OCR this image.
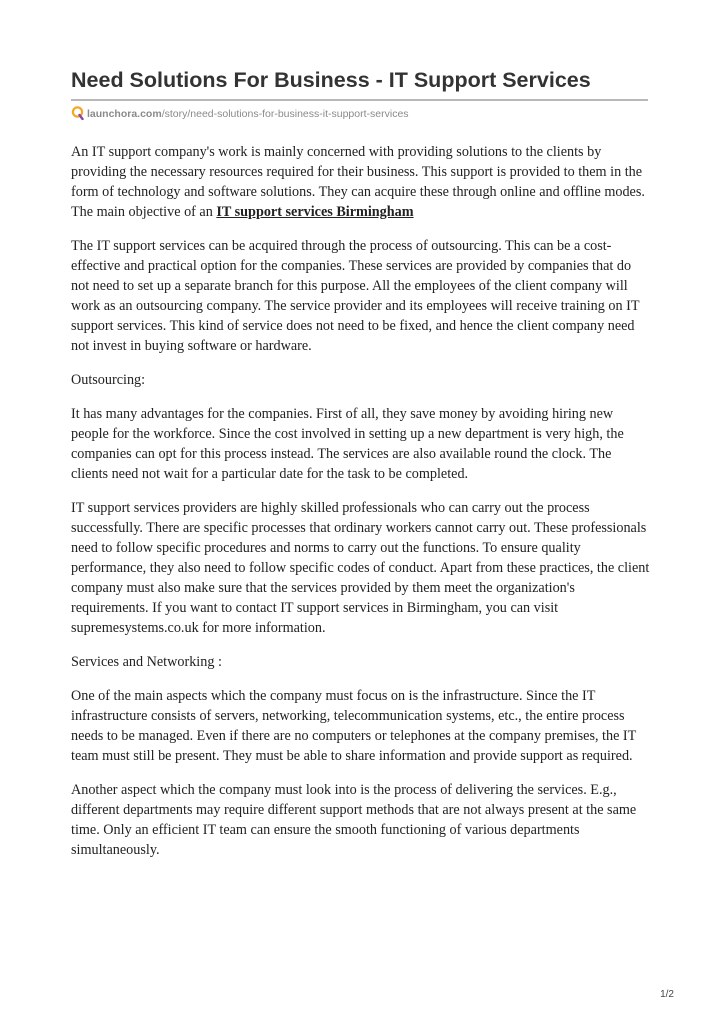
Need Solutions For Business - IT Support Services
launchora.com/story/need-solutions-for-business-it-support-services

An IT support company's work is mainly concerned with providing solutions to the clients by providing the necessary resources required for their business. This support is provided to them in the form of technology and software solutions. They can acquire these through online and offline modes. The main objective of an IT support services Birmingham

The IT support services can be acquired through the process of outsourcing. This can be a cost-effective and practical option for the companies. These services are provided by companies that do not need to set up a separate branch for this purpose. All the employees of the client company will work as an outsourcing company. The service provider and its employees will receive training on IT support services. This kind of service does not need to be fixed, and hence the client company need not invest in buying software or hardware.

Outsourcing:

It has many advantages for the companies. First of all, they save money by avoiding hiring new people for the workforce. Since the cost involved in setting up a new department is very high, the companies can opt for this process instead. The services are also available round the clock. The clients need not wait for a particular date for the task to be completed.

IT support services providers are highly skilled professionals who can carry out the process successfully. There are specific processes that ordinary workers cannot carry out. These professionals need to follow specific procedures and norms to carry out the functions. To ensure quality performance, they also need to follow specific codes of conduct. Apart from these practices, the client company must also make sure that the services provided by them meet the organization's requirements. If you want to contact IT support services in Birmingham, you can visit supremesystems.co.uk for more information.

Services and Networking :

One of the main aspects which the company must focus on is the infrastructure. Since the IT infrastructure consists of servers, networking, telecommunication systems, etc., the entire process needs to be managed. Even if there are no computers or telephones at the company premises, the IT team must still be present. They must be able to share information and provide support as required.

Another aspect which the company must look into is the process of delivering the services. E.g., different departments may require different support methods that are not always present at the same time. Only an efficient IT team can ensure the smooth functioning of various departments simultaneously.

1/2
